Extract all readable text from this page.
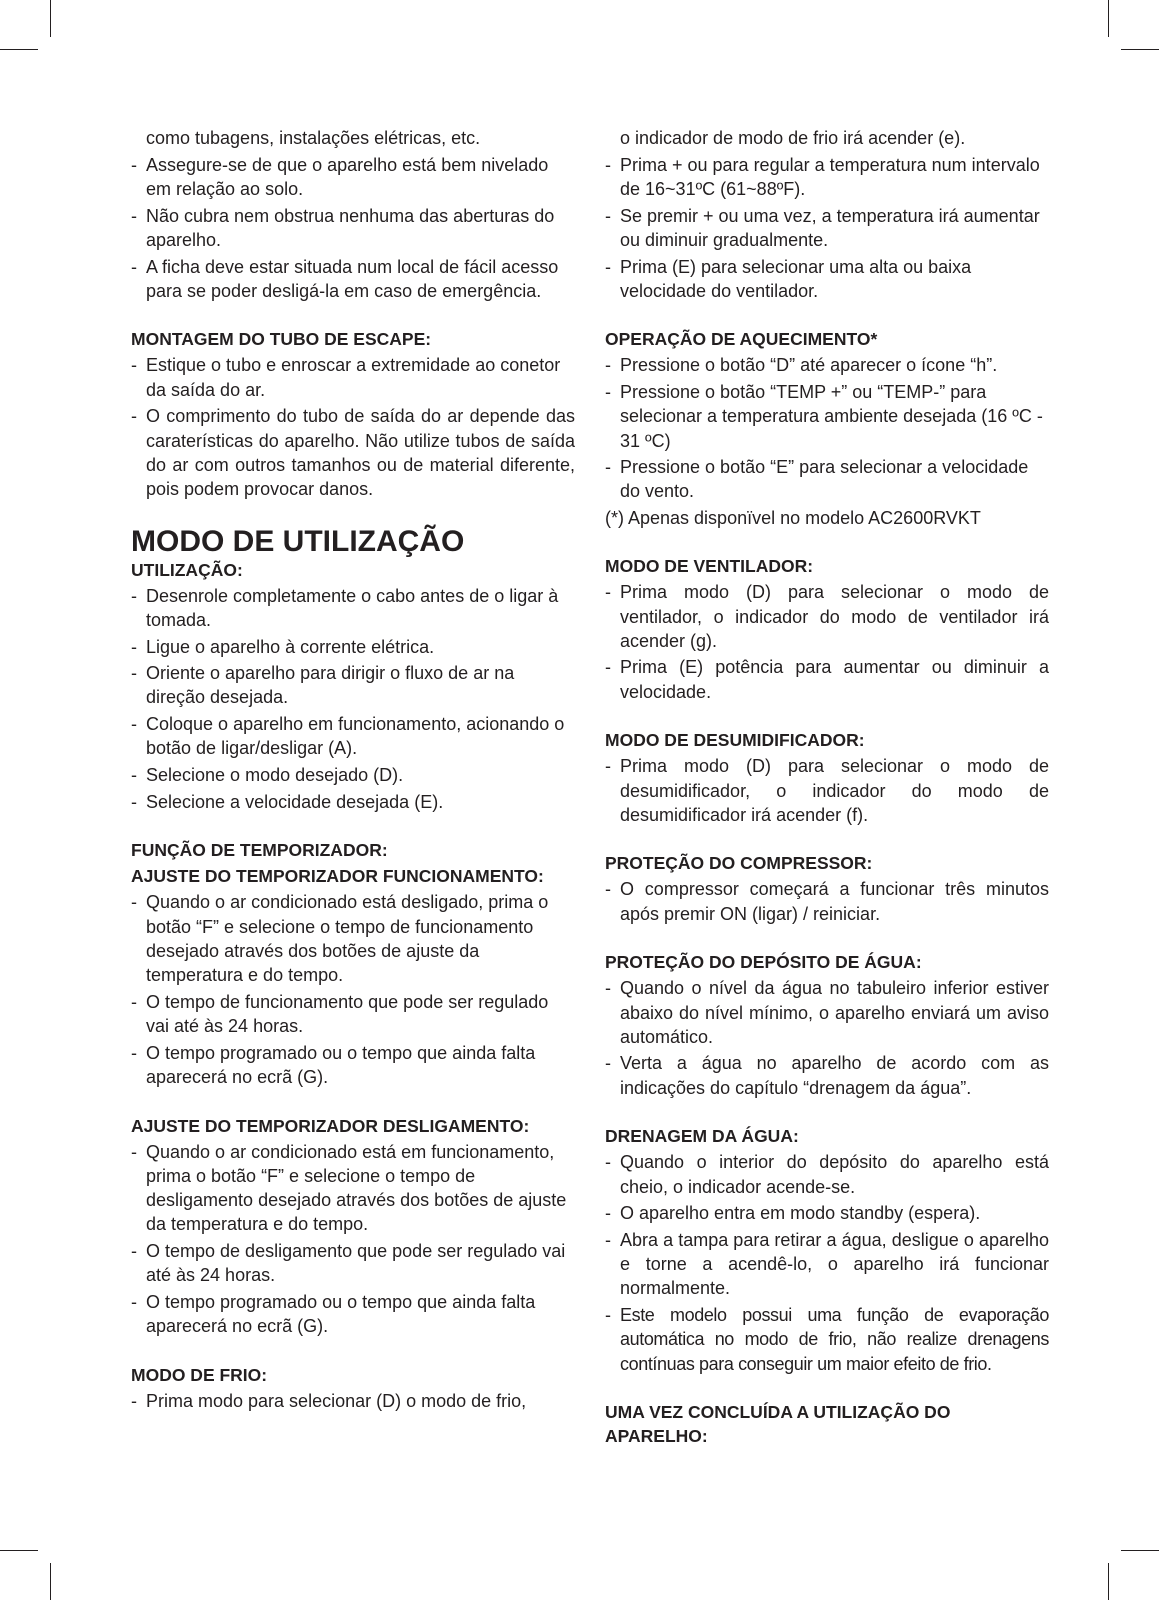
como tubagens, instalações elétricas, etc.
- Assegure-se de que o aparelho está bem nivelado em relação ao solo.
- Não cubra nem obstrua nenhuma das aberturas do aparelho.
- A ficha deve estar situada num local de fácil acesso para se poder desligá-la em caso de emergência.
MONTAGEM DO TUBO DE ESCAPE:
- Estique o tubo e enroscar a extremidade ao conetor da saída do ar.
- O comprimento do tubo de saída do ar depende das caraterísticas do aparelho. Não utilize tubos de saída do ar com outros tamanhos ou de material diferente, pois podem provocar danos.
MODO DE UTILIZAÇÃO
UTILIZAÇÃO:
- Desenrole completamente o cabo antes de o ligar à tomada.
- Ligue o aparelho à corrente elétrica.
- Oriente o aparelho para dirigir o fluxo de ar na direção desejada.
- Coloque o aparelho em funcionamento, acionando o botão de ligar/desligar (A).
- Selecione o modo desejado (D).
- Selecione a velocidade desejada (E).
FUNÇÃO DE TEMPORIZADOR:
AJUSTE DO TEMPORIZADOR FUNCIONAMENTO:
- Quando o ar condicionado está desligado, prima o botão “F” e selecione o tempo de funcionamento desejado através dos botões de ajuste da temperatura e do tempo.
- O tempo de funcionamento que pode ser regulado vai até às 24 horas.
- O tempo programado ou o tempo que ainda falta aparecerá no ecrã (G).
AJUSTE DO TEMPORIZADOR DESLIGAMENTO:
- Quando o ar condicionado está em funcionamento, prima o botão “F” e selecione o tempo de desligamento desejado através dos botões de ajuste da temperatura e do tempo.
- O tempo de desligamento que pode ser regulado vai até às 24 horas.
- O tempo programado ou o tempo que ainda falta aparecerá no ecrã (G).
MODO DE FRIO:
- Prima modo para selecionar (D) o modo de frio,
o indicador de modo de frio irá acender (e).
- Prima + ou para regular a temperatura num intervalo de 16~31ºC (61~88ºF).
- Se premir + ou uma vez, a temperatura irá aumentar ou diminuir gradualmente.
- Prima (E) para selecionar uma alta ou baixa velocidade do ventilador.
OPERAÇÃO DE AQUECIMENTO*
- Pressione o botão “D” até aparecer o ícone “h”.
- Pressione o botão “TEMP +” ou “TEMP-” para selecionar a temperatura ambiente desejada (16 ºC - 31 ºC)
- Pressione o botão “E” para selecionar a velocidade do vento.
(*) Apenas disponïvel no modelo AC2600RVKT
MODO DE VENTILADOR:
- Prima modo (D) para selecionar o modo de ventilador, o indicador do modo de ventilador irá acender (g).
- Prima (E) potência para aumentar ou diminuir a velocidade.
MODO DE DESUMIDIFICADOR:
- Prima modo (D) para selecionar o modo de desumidificador, o indicador do modo de desumidificador irá acender (f).
PROTEÇÃO DO COMPRESSOR:
- O compressor começará a funcionar três minutos após premir ON (ligar) / reiniciar.
PROTEÇÃO DO DEPÓSITO DE ÁGUA:
- Quando o nível da água no tabuleiro inferior estiver abaixo do nível mínimo, o aparelho enviará um aviso automático.
- Verta a água no aparelho de acordo com as indicações do capítulo “drenagem da água”.
DRENAGEM DA ÁGUA:
- Quando o interior do depósito do aparelho está cheio, o indicador acende-se.
- O aparelho entra em modo standby (espera).
- Abra a tampa para retirar a água, desligue o aparelho e torne a acendê-lo, o aparelho irá funcionar normalmente.
- Este modelo possui uma função de evaporação automática no modo de frio, não realize drenagens contínuas para conseguir um maior efeito de frio.
UMA VEZ CONCLUÍDA A UTILIZAÇÃO DO APARELHO:
